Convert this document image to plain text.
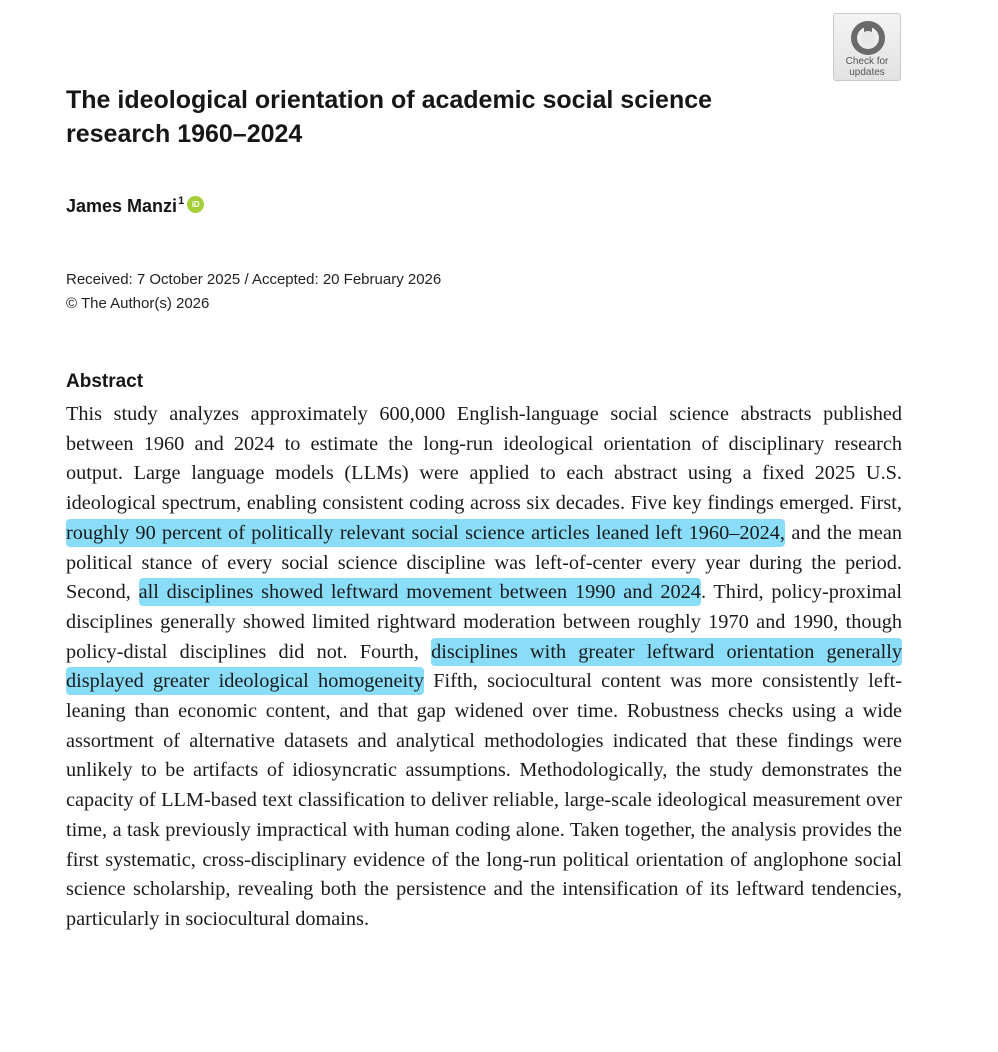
Check for
updates
The ideological orientation of academic social science research 1960–2024
James Manzi$^1$ iD
Received: 7 October 2025 / Accepted: 20 February 2026
© The Author(s) 2026
Abstract

This study analyzes approximately 600,000 English-language social science abstracts published between 1960 and 2024 to estimate the long-run ideological orientation of disciplinary research output. Large language models (LLMs) were applied to each abstract using a fixed 2025 U.S. ideological spectrum, enabling consistent coding across six decades. Five key findings emerged. First, roughly 90 percent of politically relevant social science articles leaned left 1960–2024, and the mean political stance of every social science discipline was left-of-center every year during the period. Second, all disciplines showed leftward movement between 1990 and 2024. Third, policy-proximal disciplines generally showed limited rightward moderation between roughly 1970 and 1990, though policy-distal disciplines did not. Fourth, disciplines with greater leftward orientation generally displayed greater ideological homogeneity Fifth, sociocultural content was more consistently left-leaning than economic content, and that gap widened over time. Robustness checks using a wide assortment of alternative datasets and analytical methodologies indicated that these findings were unlikely to be artifacts of idiosyncratic assumptions. Methodologically, the study demonstrates the capacity of LLM-based text classification to deliver reliable, large-scale ideological measurement over time, a task previously impractical with human coding alone. Taken together, the analysis provides the first systematic, cross-disciplinary evidence of the long-run political orientation of anglophone social science scholarship, revealing both the persistence and the intensification of its leftward tendencies, particularly in sociocultural domains.
